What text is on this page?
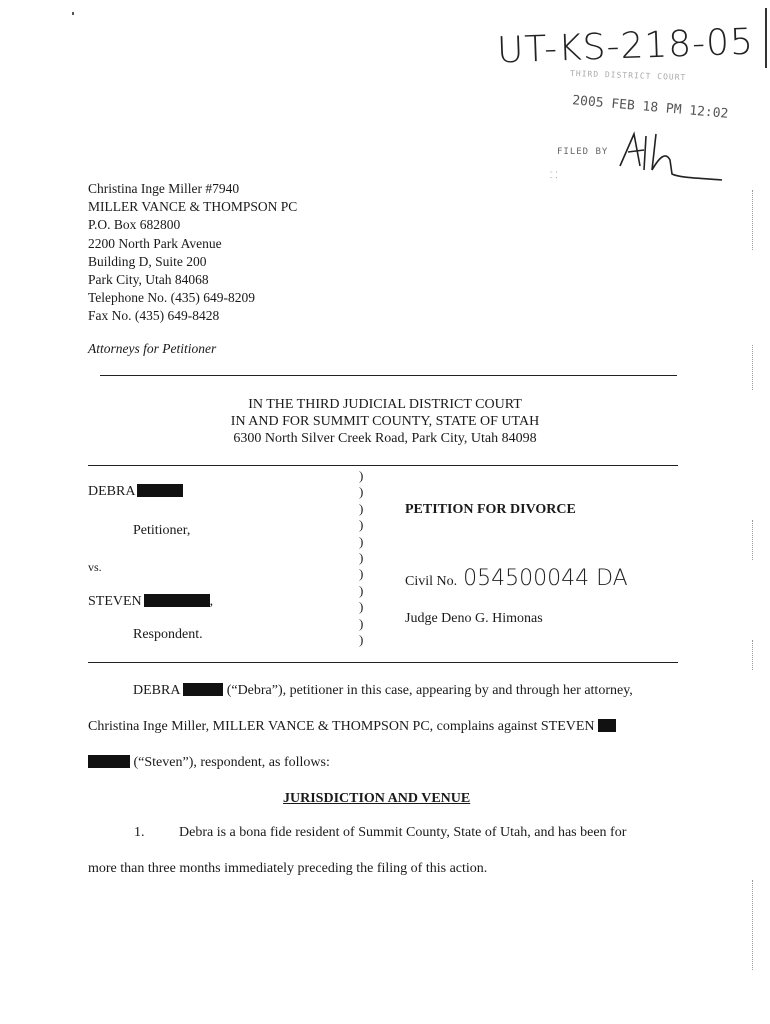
UT-KS-218-05
THIRD DISTRICT COURT
2005 FEB 18 PM 12:02
FILED BY
⸬
Christina Inge Miller #7940
MILLER VANCE & THOMPSON PC
P.O. Box 682800
2200 North Park Avenue
Building D, Suite 200
Park City, Utah 84068
Telephone No. (435) 649-8209
Fax No. (435) 649-8428
Attorneys for Petitioner
IN THE THIRD JUDICIAL DISTRICT COURT
IN AND FOR SUMMIT COUNTY, STATE OF UTAH
6300 North Silver Creek Road, Park City, Utah 84098
)
)
)
)
)
)
)
)
)
)
)
DEBRA
Petitioner,
vs.
STEVEN	,
Respondent.
PETITION FOR DIVORCE
Civil No. 054500044 DA
Judge Deno G. Himonas
DEBRA	(“Debra”), petitioner in this case, appearing by and through her attorney,
Christina Inge Miller, MILLER VANCE & THOMPSON PC, complains against STEVEN
(“Steven”), respondent, as follows:
JURISDICTION AND VENUE
1. Debra is a bona fide resident of Summit County, State of Utah, and has been for
more than three months immediately preceding the filing of this action.
